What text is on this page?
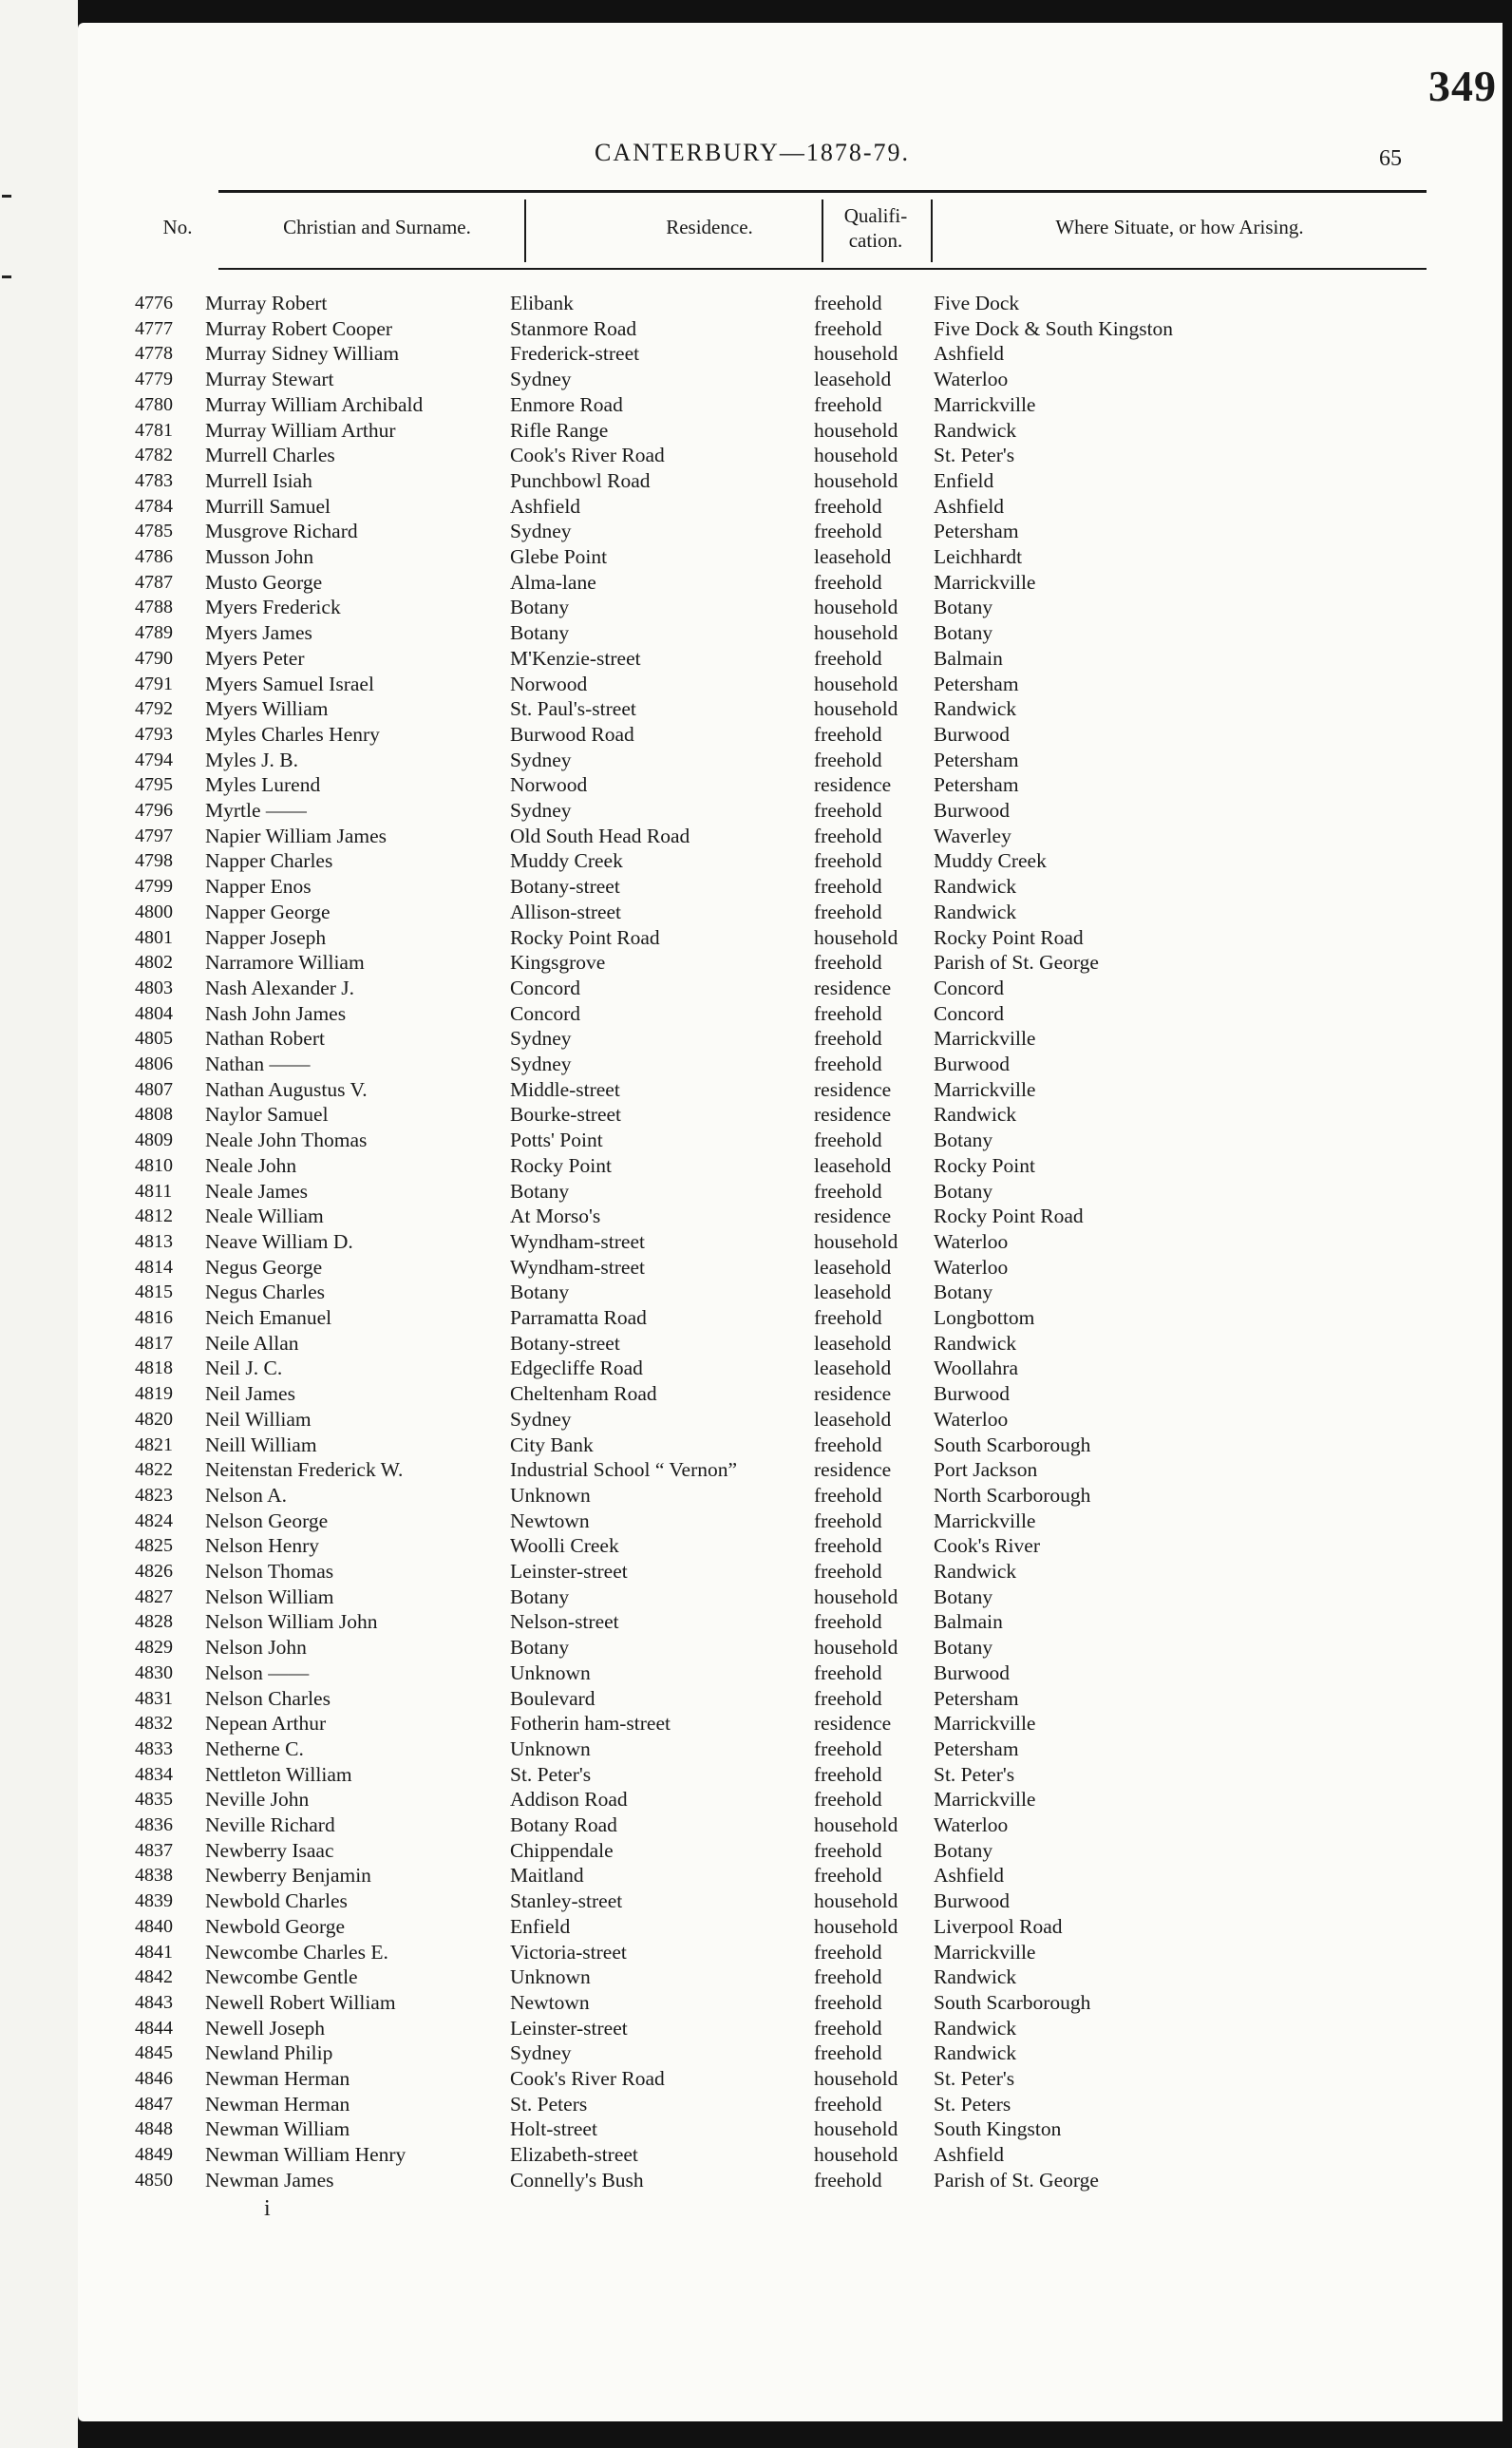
349
CANTERBURY—1878-79.	65
No.	Christian and Surname.	Residence.	Qualifi-
cation.
Where Situate, or how Arising.
4776 Murray Robert	Elibank	freehold	Five Dock
4777 Murray Robert Cooper	Stanmore Road	freehold	Five Dock & South Kingston
4778 Murray Sidney William	Frederick-street	household Ashfield
4779 Murray Stewart	Sydney	leasehold Waterloo
4780 Murray William Archibald	Enmore Road	freehold	Marrickville
4781 Murray William Arthur	Rifle Range	household Randwick
4782 Murrell Charles	Cook's River Road	household St. Peter's
4783 Murrell Isiah	Punchbowl Road	household Enfield
4784 Murrill Samuel	Ashfield	freehold	Ashfield
4785 Musgrove Richard	Sydney	freehold	Petersham
4786 Musson John	Glebe Point	leasehold Leichhardt
4787 Musto George	Alma-lane	freehold	Marrickville
4788 Myers Frederick	Botany	household Botany
4789 Myers James	Botany	household Botany
4790 Myers Peter	M'Kenzie-street	freehold	Balmain
4791 Myers Samuel Israel	Norwood	household Petersham
4792 Myers William	St. Paul's-street	household Randwick
4793 Myles Charles Henry	Burwood Road	freehold	Burwood
4794 Myles J. B.	Sydney	freehold	Petersham
4795 Myles Lurend	Norwood	residence Petersham
4796 Myrtle ——	Sydney	freehold	Burwood
4797 Napier William James	Old South Head Road	freehold	Waverley
4798 Napper Charles	Muddy Creek	freehold	Muddy Creek
4799 Napper Enos	Botany-street	freehold	Randwick
4800 Napper George	Allison-street	freehold	Randwick
4801 Napper Joseph	Rocky Point Road	household Rocky Point Road
4802 Narramore William	Kingsgrove	freehold	Parish of St. George
4803 Nash Alexander J.	Concord	residence Concord
4804 Nash John James	Concord	freehold	Concord
4805 Nathan Robert	Sydney	freehold	Marrickville
4806 Nathan ——	Sydney	freehold	Burwood
4807 Nathan Augustus V.	Middle-street	residence Marrickville
4808 Naylor Samuel	Bourke-street	residence Randwick
4809 Neale John Thomas	Potts' Point	freehold	Botany
4810 Neale John	Rocky Point	leasehold Rocky Point
4811 Neale James	Botany	freehold	Botany
4812 Neale William	At Morso's	residence Rocky Point Road
4813 Neave William D.	Wyndham-street	household Waterloo
4814 Negus George	Wyndham-street	leasehold Waterloo
4815 Negus Charles	Botany	leasehold Botany
4816 Neich Emanuel	Parramatta Road	freehold	Longbottom
4817 Neile Allan	Botany-street	leasehold Randwick
4818 Neil J. C.	Edgecliffe Road	leasehold Woollahra
4819 Neil James	Cheltenham Road	residence Burwood
4820 Neil William	Sydney	leasehold Waterloo
4821 Neill William	City Bank	freehold	South Scarborough
4822 Neitenstan Frederick W.	Industrial School “ Vernon”	residence Port Jackson
4823 Nelson A.	Unknown	freehold	North Scarborough
4824 Nelson George	Newtown	freehold	Marrickville
4825 Nelson Henry	Woolli Creek	freehold	Cook's River
4826 Nelson Thomas	Leinster-street	freehold	Randwick
4827 Nelson William	Botany	household Botany
4828 Nelson William John	Nelson-street	freehold	Balmain
4829 Nelson John	Botany	household Botany
4830 Nelson ——	Unknown	freehold	Burwood
4831 Nelson Charles	Boulevard	freehold	Petersham
4832 Nepean Arthur	Fotherin ham-street	residence Marrickville
4833 Netherne C.	Unknown	freehold	Petersham
4834 Nettleton William	St. Peter's	freehold	St. Peter's
4835 Neville John	Addison Road	freehold	Marrickville
4836 Neville Richard	Botany Road	household Waterloo
4837 Newberry Isaac	Chippendale	freehold	Botany
4838 Newberry Benjamin	Maitland	freehold	Ashfield
4839 Newbold Charles	Stanley-street	household Burwood
4840 Newbold George	Enfield	household Liverpool Road
4841 Newcombe Charles E.	Victoria-street	freehold	Marrickville
4842 Newcombe Gentle	Unknown	freehold	Randwick
4843 Newell Robert William	Newtown	freehold	South Scarborough
4844 Newell Joseph	Leinster-street	freehold	Randwick
4845 Newland Philip	Sydney	freehold	Randwick
4846 Newman Herman	Cook's River Road	household St. Peter's
4847 Newman Herman	St. Peters	freehold	St. Peters
4848 Newman William	Holt-street	household South Kingston
4849 Newman William Henry	Elizabeth-street	household Ashfield
4850 Newman James	Connelly's Bush	freehold	Parish of St. George
i
